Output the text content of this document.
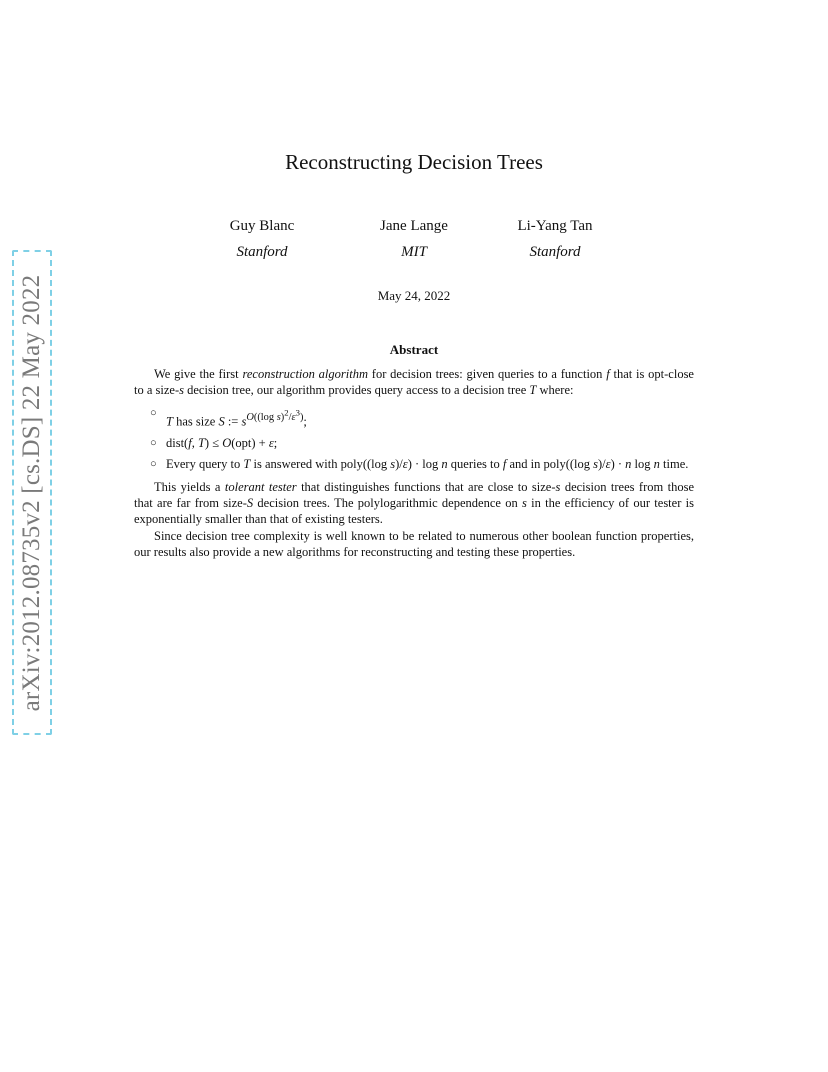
arXiv:2012.08735v2 [cs.DS] 22 May 2022
Reconstructing Decision Trees
Guy Blanc
Stanford
Jane Lange
MIT
Li-Yang Tan
Stanford
May 24, 2022
Abstract

We give the first reconstruction algorithm for decision trees: given queries to a function f that is opt-close to a size-s decision tree, our algorithm provides query access to a decision tree T where:

○
T has size S := $s^{O((log s)^2/\varepsilon^3)}$;
○ dist(f, T) ≤ O(opt) + ε;
○ Every query to T is answered with poly((log s)/ε) · log n queries to f and in poly((log s)/ε) · n log n time.

This yields a tolerant tester that distinguishes functions that are close to size-s decision trees from those that are far from size-S decision trees. The polylogarithmic dependence on s in the efficiency of our tester is exponentially smaller than that of existing testers.

Since decision tree complexity is well known to be related to numerous other boolean function properties, our results also provide a new algorithms for reconstructing and testing these properties.
